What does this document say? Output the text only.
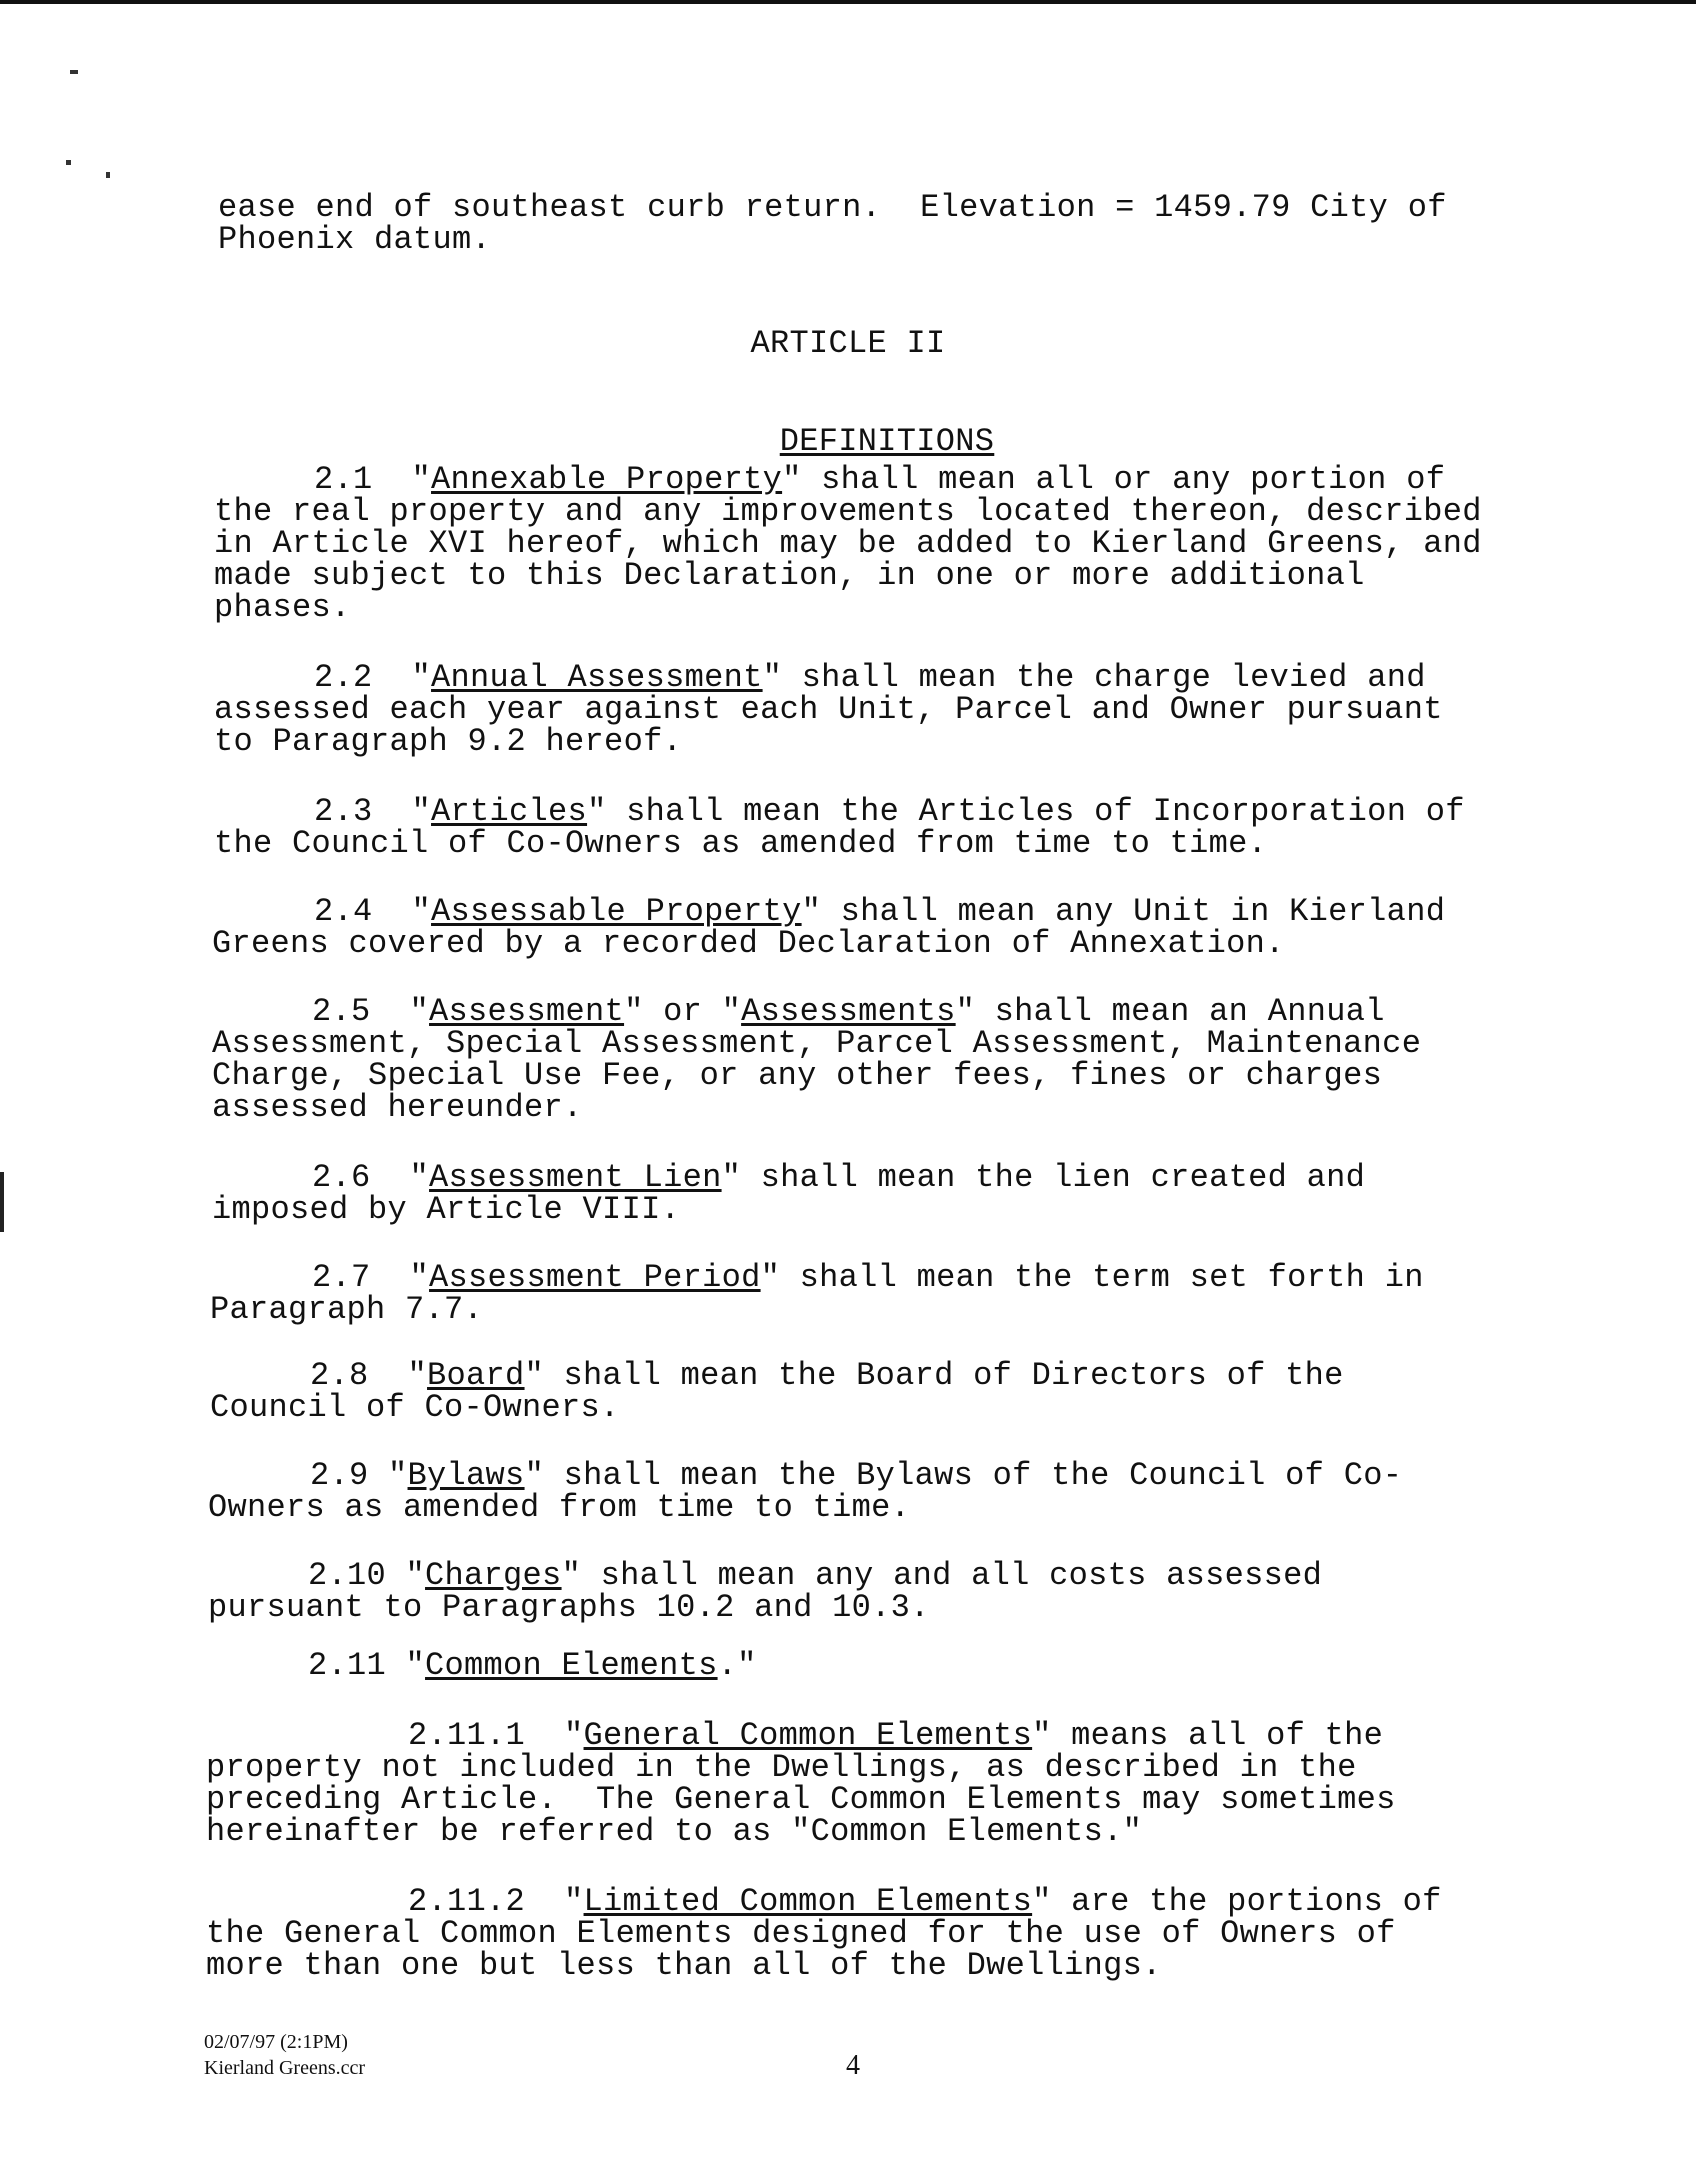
ease end of southeast curb return.  Elevation = 1459.79 City of
Phoenix datum.
ARTICLE II

DEFINITIONS

2.1  "Annexable Property" shall mean all or any portion of
the real property and any improvements located thereon, described
in Article XVI hereof, which may be added to Kierland Greens, and
made subject to this Declaration, in one or more additional
phases.
2.2  "Annual Assessment" shall mean the charge levied and
assessed each year against each Unit, Parcel and Owner pursuant
to Paragraph 9.2 hereof.
2.3  "Articles" shall mean the Articles of Incorporation of
the Council of Co-Owners as amended from time to time.
2.4  "Assessable Property" shall mean any Unit in Kierland
Greens covered by a recorded Declaration of Annexation.
2.5  "Assessment" or "Assessments" shall mean an Annual
Assessment, Special Assessment, Parcel Assessment, Maintenance
Charge, Special Use Fee, or any other fees, fines or charges
assessed hereunder.
2.6  "Assessment Lien" shall mean the lien created and
imposed by Article VIII.
2.7  "Assessment Period" shall mean the term set forth in
Paragraph 7.7.
2.8  "Board" shall mean the Board of Directors of the
Council of Co-Owners.
2.9 "Bylaws" shall mean the Bylaws of the Council of Co-
Owners as amended from time to time.
2.10 "Charges" shall mean any and all costs assessed
pursuant to Paragraphs 10.2 and 10.3.
2.11 "Common Elements."
2.11.1  "General Common Elements" means all of the
property not included in the Dwellings, as described in the
preceding Article.  The General Common Elements may sometimes
hereinafter be referred to as "Common Elements."
2.11.2  "Limited Common Elements" are the portions of
the General Common Elements designed for the use of Owners of
more than one but less than all of the Dwellings.
02/07/97 (2:1PM)
Kierland Greens.ccr	4
